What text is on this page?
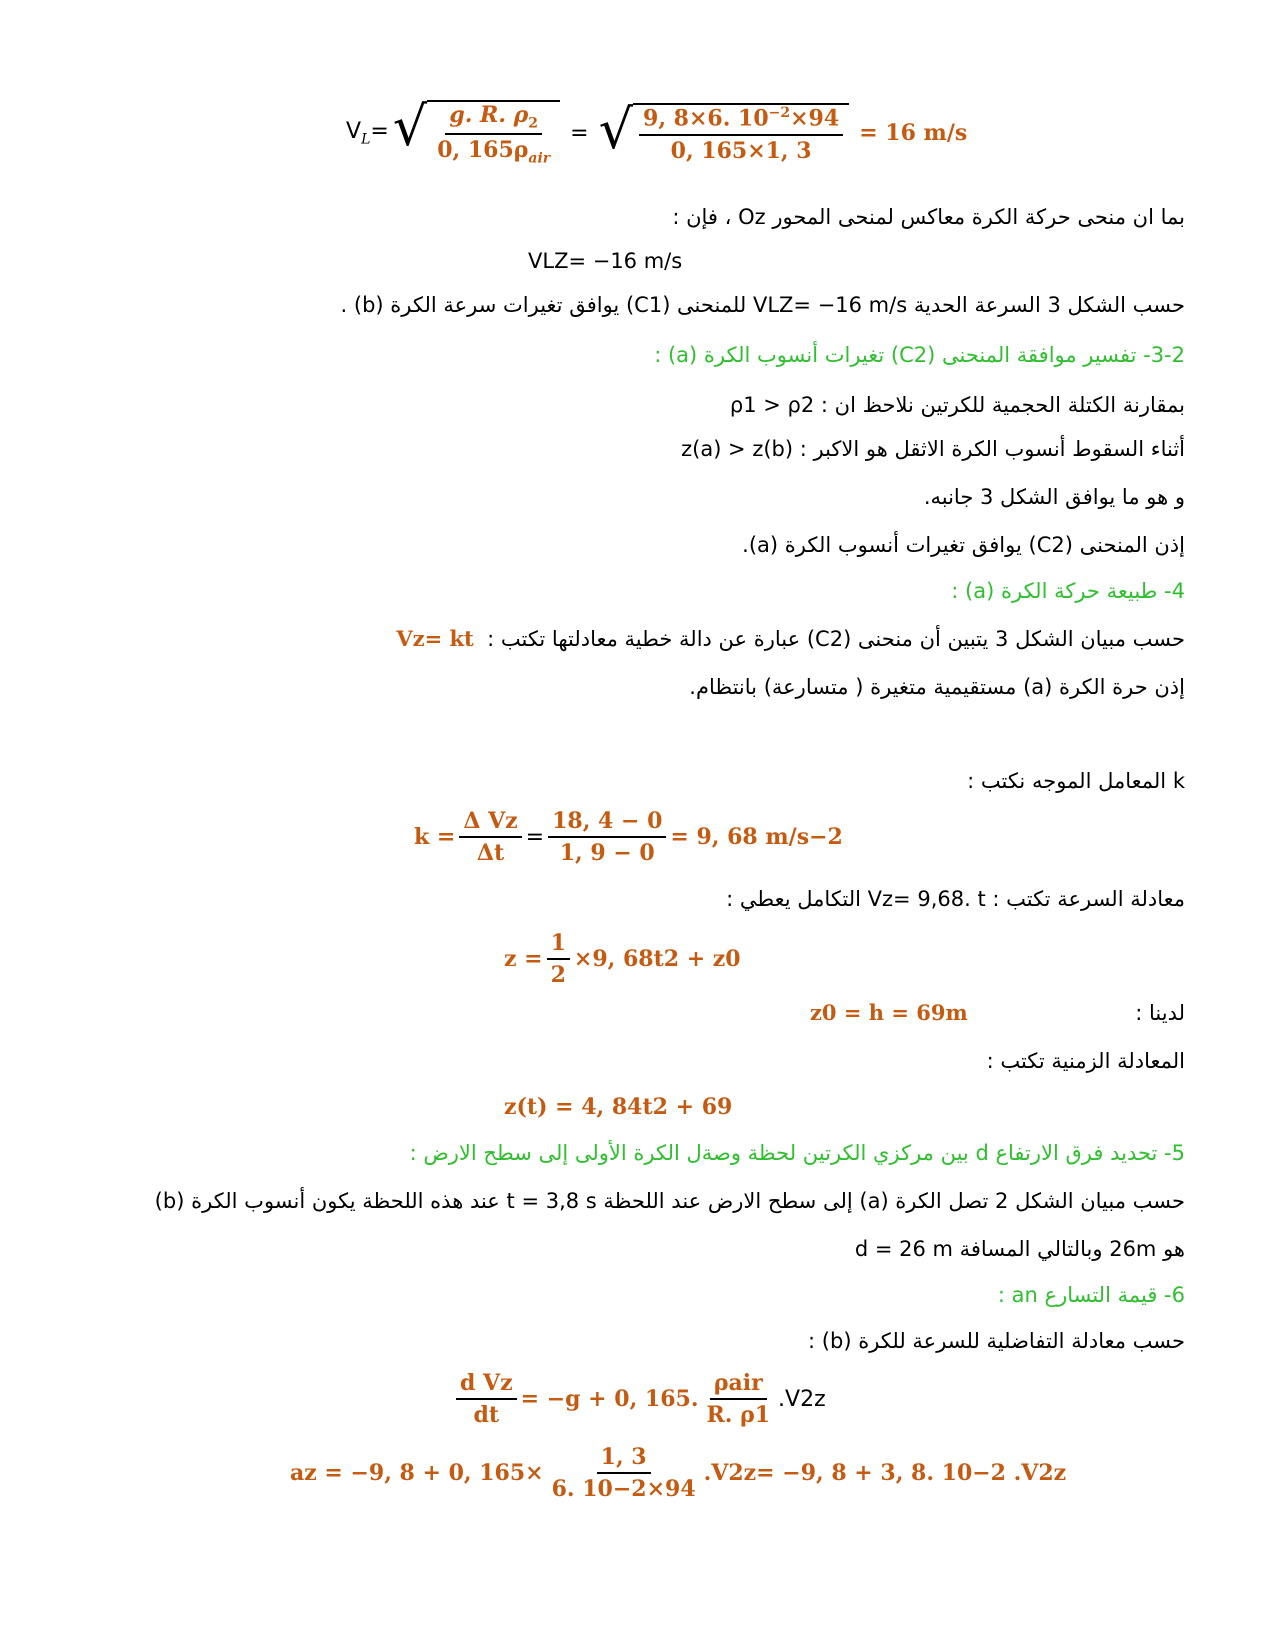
$V_L=$ √ $\frac{g. R. \rho_2}{0, 165\rho_{air}}$ = √ $\frac{9, 8\times 6. 10^{-2}\times 94}{0, 165\times 1, 3} = 16$ m/s
بما ان منحى حركة الكرة معاكس لمنحى المحور Oz ، فإن :
VLZ= −16 m/s
حسب الشكل 3 السرعة الحدية VLZ= −16 m/s للمنحنى (C1) يوافق تغيرات سرعة الكرة (b) .
3-2- تفسير موافقة المنحنى (C2) تغيرات أنسوب الكرة (a) :
بمقارنة الكتلة الحجمية للكرتين نلاحظ ان : ρ1 > ρ2
أثناء السقوط أنسوب الكرة الاثقل هو الاكبر : z(a) > z(b)
و هو ما يوافق الشكل 3 جانبه.
إذن المنحنى (C2) يوافق تغيرات أنسوب الكرة (a).
4- طبيعة حركة الكرة (a) :
حسب مبيان الشكل 3 يتبين أن منحنى (C2) عبارة عن دالة خطية معادلتها تكتب :  Vz= kt
إذن حرة الكرة (a) مستقيمية متغيرة ( متسارعة) بانتظام.
k المعامل الموجه نكتب :
$k = \frac{\text{Δ Vz}}{\Delta t} = \frac{18, 4 - 0}{1, 9 - 0} = 9$, 68 m/s−2
معادلة السرعة تكتب : Vz= 9,68. t التكامل يعطي :
$z = \frac{1}{2} \times 9$, 68t2 + z0
لدينا :
z0 = h = 69m
المعادلة الزمنية تكتب :
z(t) = 4, 84t2 + 69
5- تحديد فرق الارتفاع d بين مركزي الكرتين لحظة وصةل الكرة الأولى إلى سطح الارض :
حسب مبيان الشكل 2 تصل الكرة (a) إلى سطح الارض عند اللحظة t = 3,8 s عند هذه اللحظة يكون أنسوب الكرة (b)
هو 26m وبالتالي المسافة d = 26 m
6- قيمة التسارع an :
حسب معادلة التفاضلية للسرعة للكرة (b) :
$\frac{\text{d Vz}}{dt} = -g + 0$, 165. $\frac{\text{ρair}}{R. \rho 1} .V2z$
az = −9, 8 + 0, $165\times \frac{1, 3}{6. 10-2\times 94} .V2z= -9$, 8 + 3, 8. 10−2 .V2z
